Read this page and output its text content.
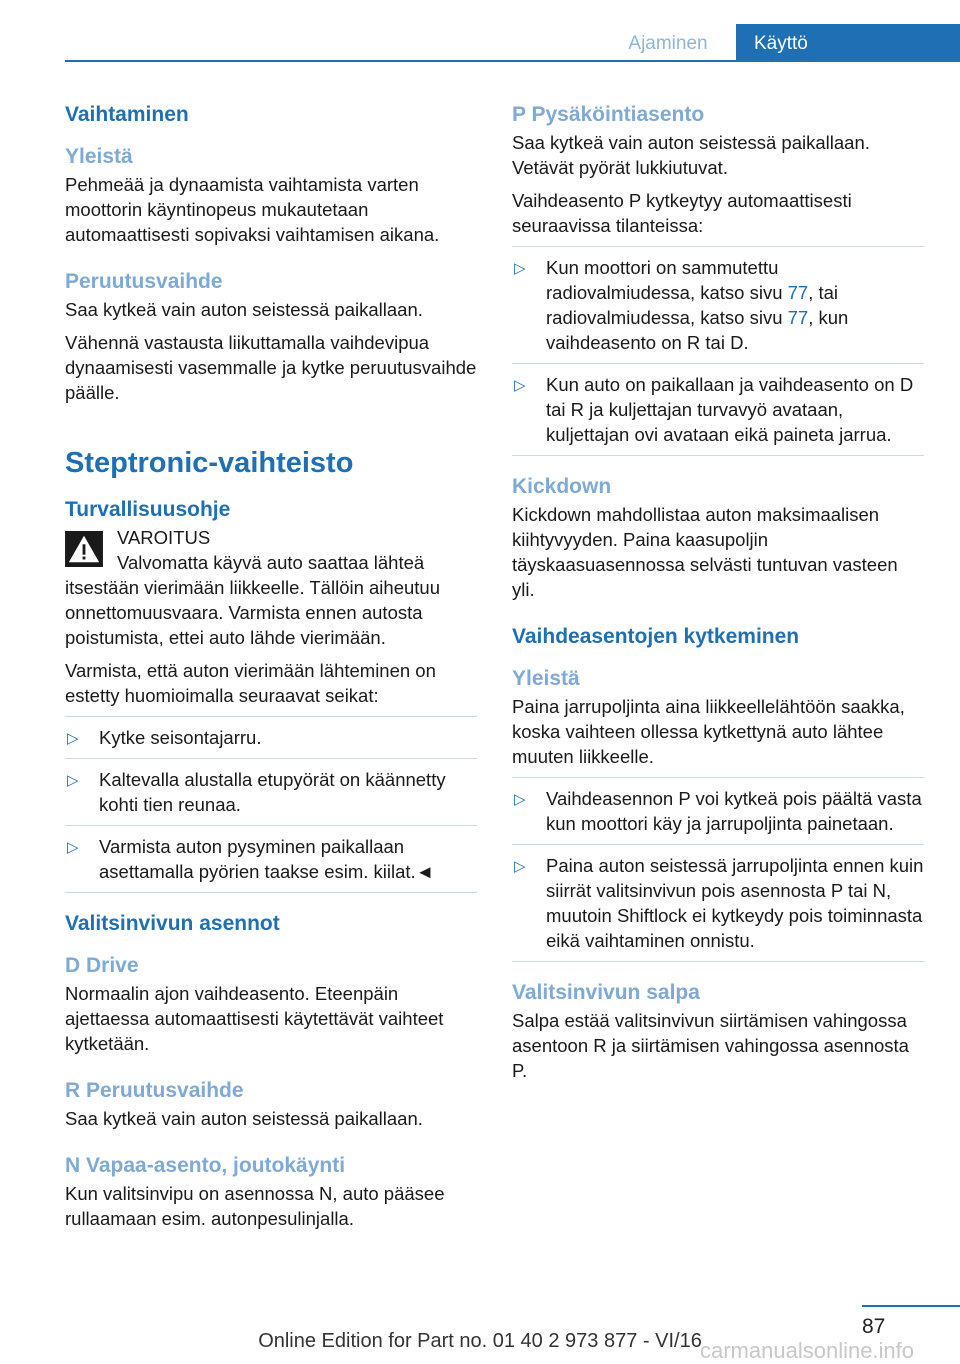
Ajaminen	Käyttö
Vaihtaminen
Yleistä

Pehmeää ja dynaamista vaihtamista varten moottorin käyntinopeus mukautetaan automaattisesti sopivaksi vaihtamisen aikana.

Peruutusvaihde

Saa kytkeä vain auton seistessä paikallaan.

Vähennä vastausta liikuttamalla vaihdevipua dynaamisesti vasemmalle ja kytke peruutusvaihde päälle.

Steptronic-vaihteisto
Turvallisuusohje
VAROITUS

Valvomatta käyvä auto saattaa lähteä itsestään vierimään liikkeelle. Tällöin aiheutuu onnettomuusvaara. Varmista ennen autosta poistumista, ettei auto lähde vierimään.

Varmista, että auton vierimään lähteminen on estetty huomioimalla seuraavat seikat:

▷ Kytke seisontajarru.
▷ Kaltevalla alustalla etupyörät on käännetty kohti tien reunaa.
▷ Varmista auton pysyminen paikallaan asettamalla pyörien taakse esim. kiilat.◄
Valitsinvivun asennot
D Drive

Normaalin ajon vaihdeasento. Eteenpäin ajettaessa automaattisesti käytettävät vaihteet kytketään.

R Peruutusvaihde

Saa kytkeä vain auton seistessä paikallaan.

N Vapaa-asento, joutokäynti

Kun valitsinvipu on asennossa N, auto pääsee rullaamaan esim. autonpesulinjalla.

P Pysäköintiasento

Saa kytkeä vain auton seistessä paikallaan. Vetävät pyörät lukkiutuvat.

Vaihdeasento P kytkeytyy automaattisesti seuraavissa tilanteissa:

▷ Kun moottori on sammutettu radiovalmiudessa, katso sivu 77, tai radiovalmiudessa, katso sivu 77, kun vaihdeasento on R tai D.
▷ Kun auto on paikallaan ja vaihdeasento on D tai R ja kuljettajan turvavyö avataan, kuljettajan ovi avataan eikä paineta jarrua.
Kickdown

Kickdown mahdollistaa auton maksimaalisen kiihtyvyyden. Paina kaasupoljin täyskaasuasennossa selvästi tuntuvan vasteen yli.

Vaihdeasentojen kytkeminen
Yleistä

Paina jarrupoljinta aina liikkeellelähtöön saakka, koska vaihteen ollessa kytkettynä auto lähtee muuten liikkeelle.

▷ Vaihdeasennon P voi kytkeä pois päältä vasta kun moottori käy ja jarrupoljinta painetaan.
▷ Paina auton seistessä jarrupoljinta ennen kuin siirrät valitsinvivun pois asennosta P tai N, muutoin Shiftlock ei kytkeydy pois toiminnasta eikä vaihtaminen onnistu.
Valitsinvivun salpa

Salpa estää valitsinvivun siirtämisen vahingossa asentoon R ja siirtämisen vahingossa asennosta P.

87
Online Edition for Part no. 01 40 2 973 877 - VI/16
carmanualsonline.info
